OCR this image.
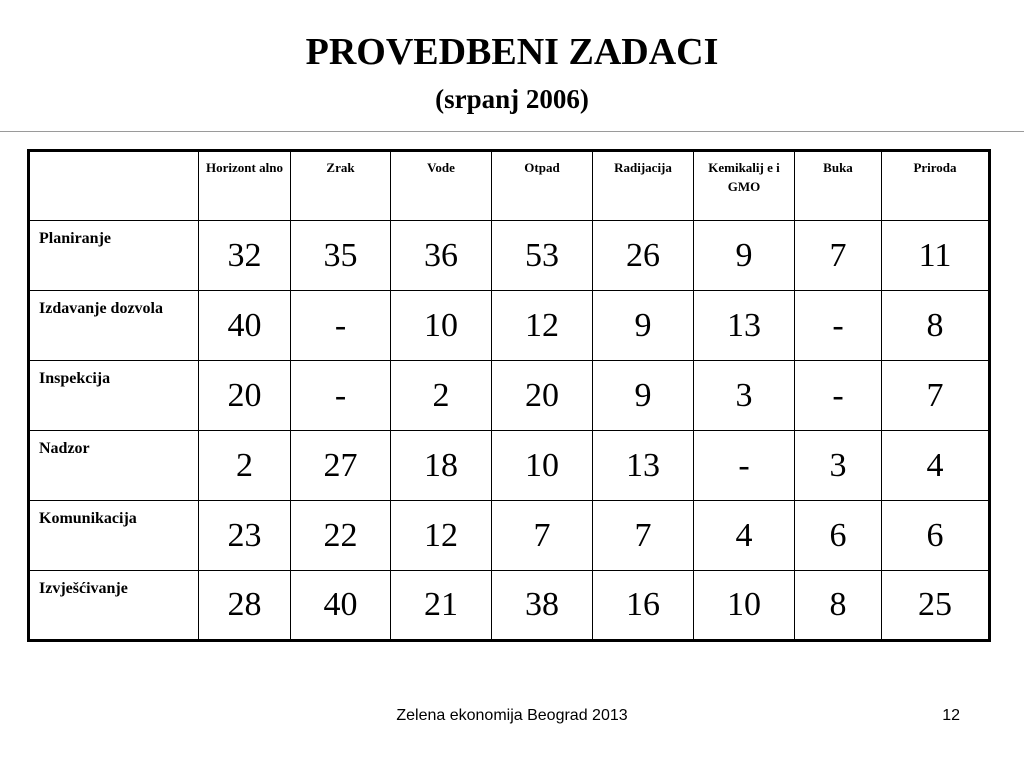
PROVEDBENI ZADACI
(srpanj 2006)
	Horizont alno	Zrak	Vode	Otpad	Radijacija	Kemikalij e i GMO	Buka	Priroda
Planiranje	32	35	36	53	26	9	7	11
Izdavanje dozvola	40	-	10	12	9	13	-	8
Inspekcija	20	-	2	20	9	3	-	7
Nadzor	2	27	18	10	13	-	3	4
Komunikacija	23	22	12	7	7	4	6	6
Izvješćivanje	28	40	21	38	16	10	8	25
Zelena ekonomija Beograd 2013	12
